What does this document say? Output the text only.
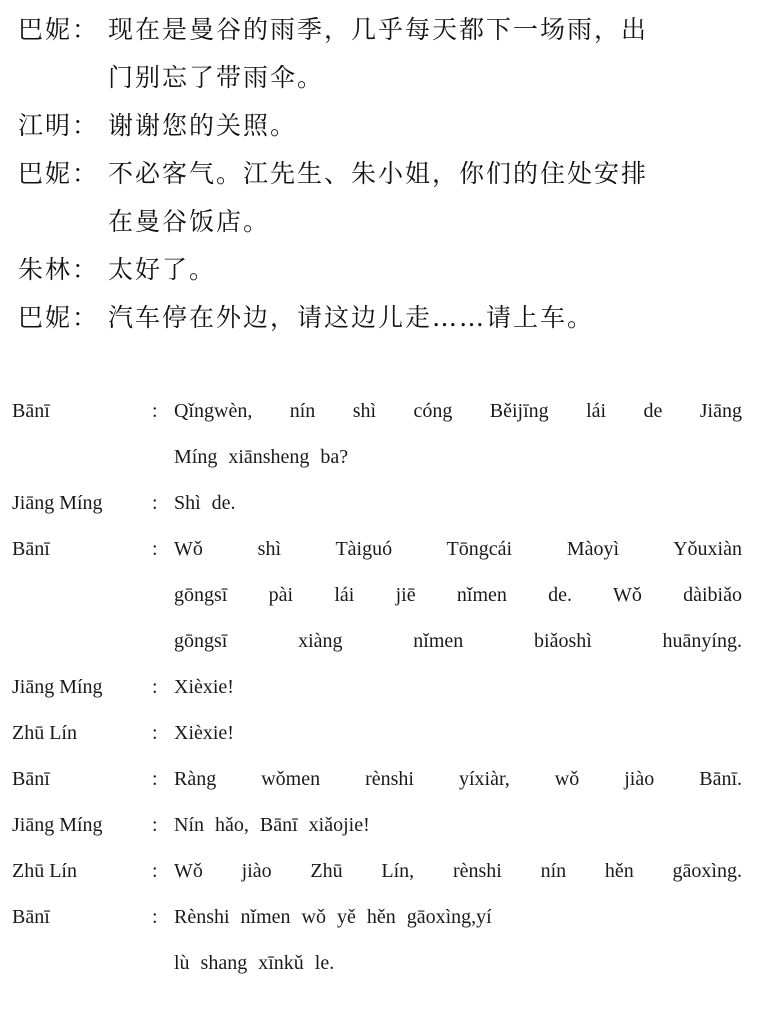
巴妮： 现在是曼谷的雨季，几乎每天都下一场雨，出
门别忘了带雨伞。
江明： 谢谢您的关照。
巴妮： 不必客气。江先生、朱小姐，你们的住处安排
在曼谷饭店。
朱林： 太好了。
巴妮： 汽车停在外边，请这边儿走……请上车。
Bānī	: Qǐngwèn, nín shì cóng Běijīng lái de Jiāng
Míng xiānsheng ba?
Jiāng Míng	: Shì de.
Bānī	: Wǒ shì Tàiguó Tōngcái Màoyì Yǒuxiàn
gōngsī pài lái jiē nǐmen de. Wǒ dàibiǎo
gōngsī xiàng nǐmen biǎoshì huānyíng.
Jiāng Míng	: Xièxie!
Zhū Lín	: Xièxie!
Bānī	: Ràng wǒmen rènshi yíxiàr, wǒ jiào Bānī.
Jiāng Míng	: Nín hǎo, Bānī xiǎojie!
Zhū Lín	: Wǒ jiào Zhū Lín, rènshi nín hěn gāoxìng.
Bānī	: Rènshi nǐmen wǒ yě hěn gāoxìng,yí
lù shang xīnkǔ le.
